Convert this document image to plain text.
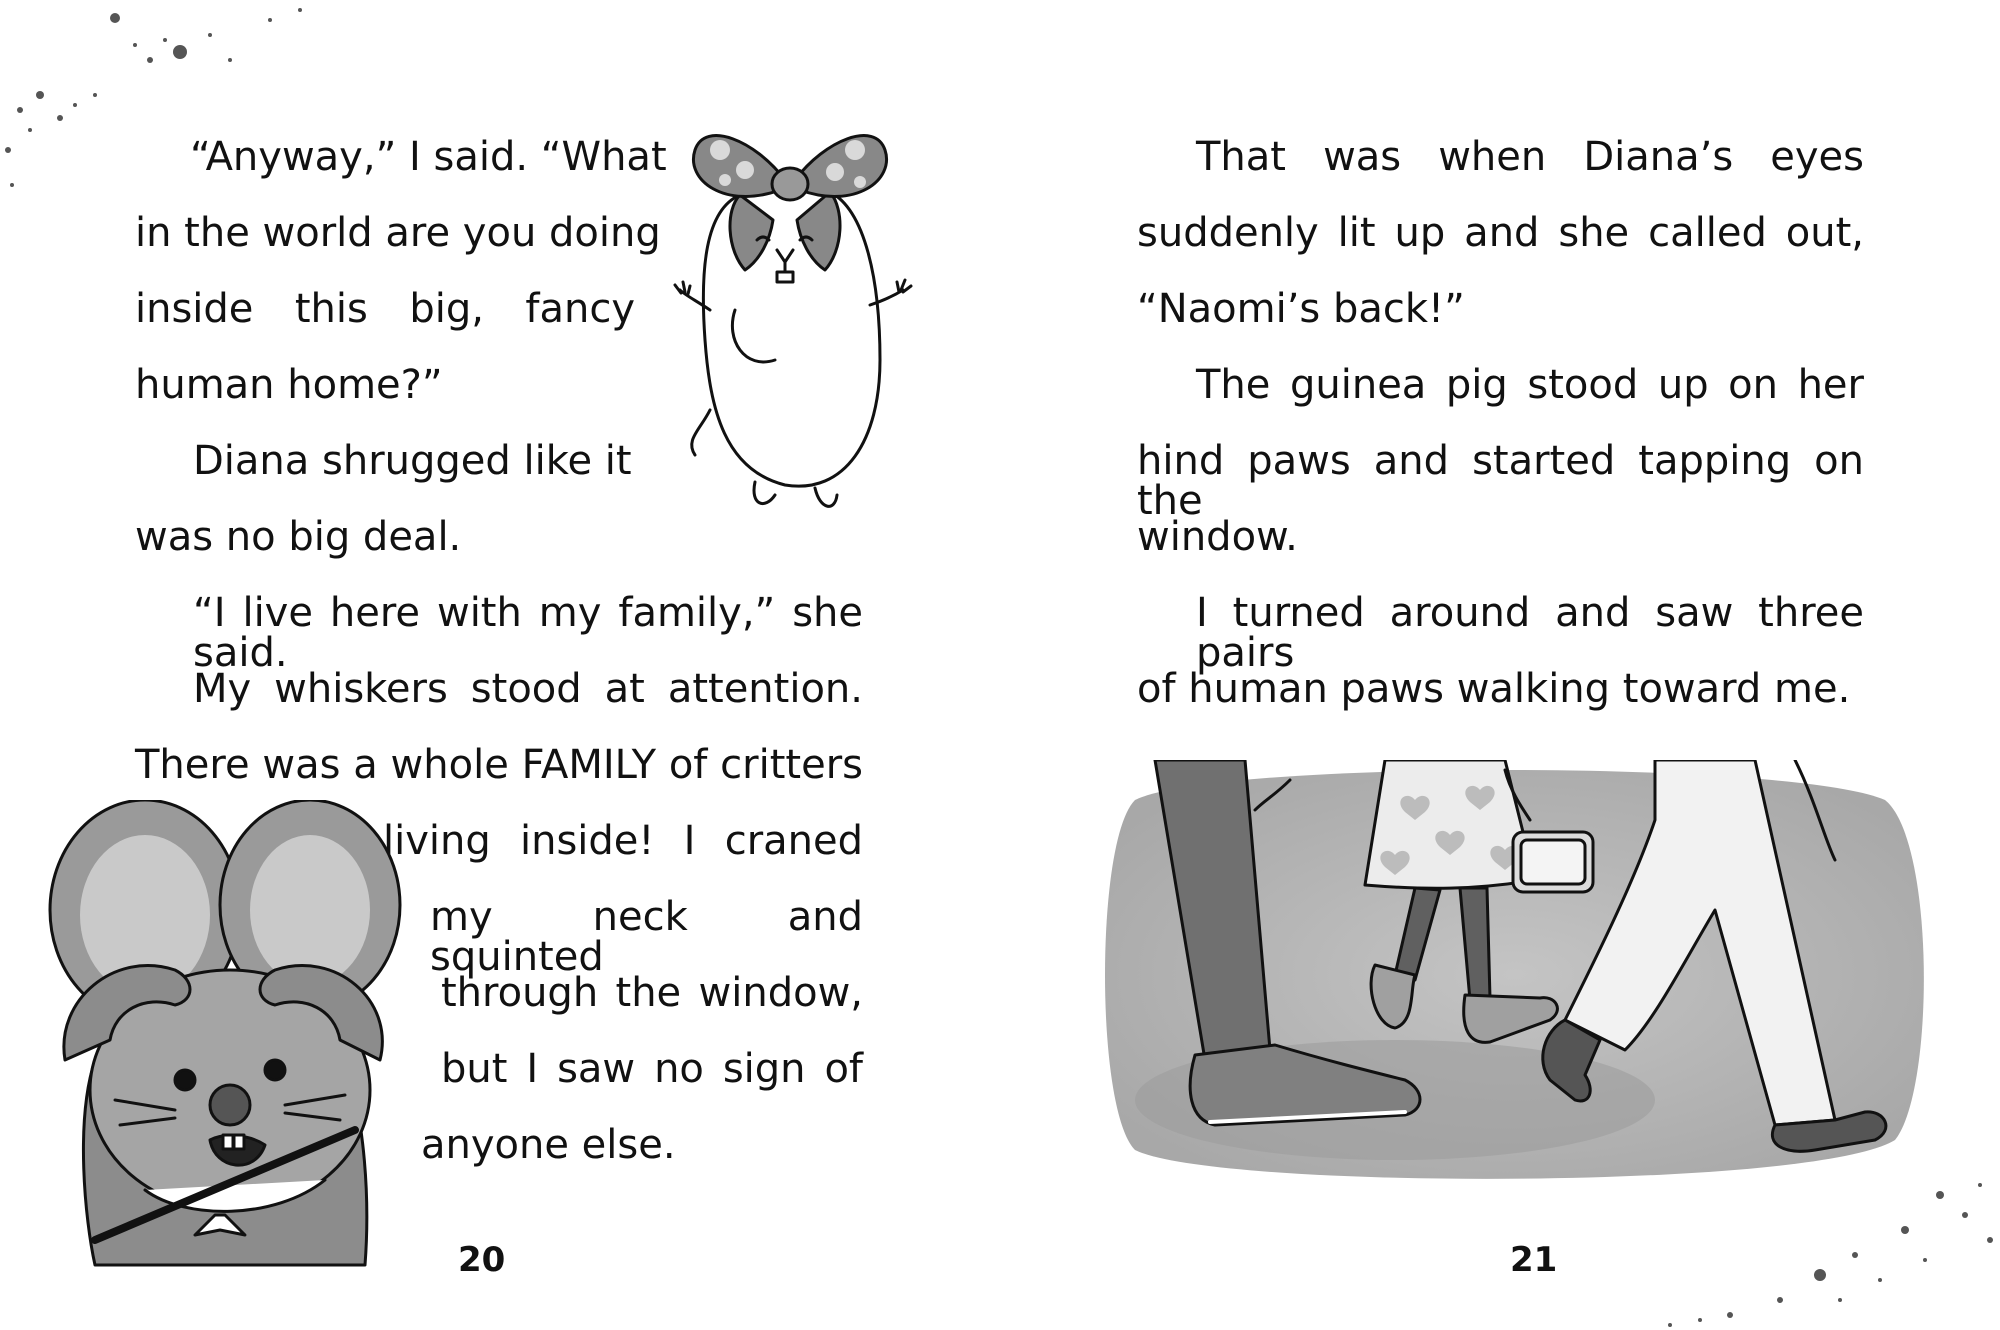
“Anyway,” I said. “What
in the world are you doing
inside this big, fancy
human home?”
Diana shrugged like it
was no big deal.
“I live here with my family,” she said.
My whiskers stood at attention.
There was a whole FAMILY of critters
living inside! I craned
my neck and squinted
through the window,
but I saw no sign of
anyone else.
20
That was when Diana’s eyes
suddenly lit up and she called out,
“Naomi’s back!”
The guinea pig stood up on her
hind paws and started tapping on the
window.
I turned around and saw three pairs
of human paws walking toward me.
21
